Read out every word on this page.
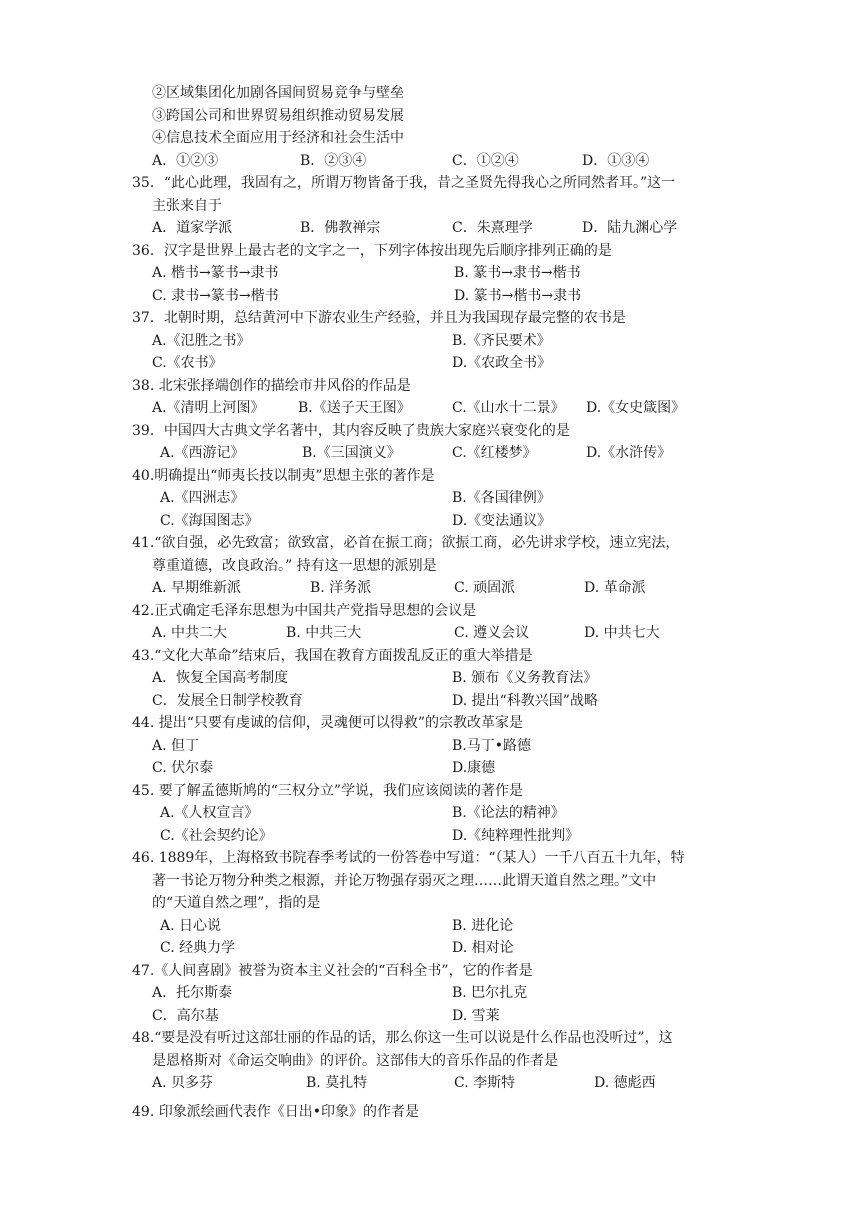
②区域集团化加剧各国间贸易竞争与壁垒
③跨国公司和世界贸易组织推动贸易发展
④信息技术全面应用于经济和社会生活中
A．①②③	B．②③④	C．①②④	D．①③④
35．“此心此理，我固有之，所谓万物皆备于我，昔之圣贤先得我心之所同然者耳。”这一
主张来自于
A．道家学派	B．佛教禅宗	C．朱熹理学	D．陆九渊心学
36．汉字是世界上最古老的文字之一，下列字体按出现先后顺序排列正确的是
A. 楷书→篆书→隶书	B. 篆书→隶书→楷书
C. 隶书→篆书→楷书	D. 篆书→楷书→隶书
37．北朝时期，总结黄河中下游农业生产经验，并且为我国现存最完整的农书是
A.《氾胜之书》	B.《齐民要术》
C.《农书》	D.《农政全书》
38. 北宋张择端创作的描绘市井风俗的作品是
A.《清明上河图》 B.《送子天王图》	C.《山水十二景》 D.《女史箴图》
39．中国四大古典文学名著中，其内容反映了贵族大家庭兴衰变化的是
A.《西游记》	B.《三国演义》	C.《红楼梦》	D.《水浒传》
40.明确提出“师夷长技以制夷”思想主张的著作是
A.《四洲志》	B.《各国律例》
C.《海国图志》	D.《变法通议》
41.“欲自强，必先致富；欲致富，必首在振工商；欲振工商，必先讲求学校，速立宪法，
尊重道德，改良政治。” 持有这一思想的派别是
A. 早期维新派	B. 洋务派	C. 顽固派	D. 革命派
42.正式确定毛泽东思想为中国共产党指导思想的会议是
A. 中共二大	B. 中共三大	C. 遵义会议	D. 中共七大
43.“文化大革命”结束后，我国在教育方面拨乱反正的重大举措是
A．恢复全国高考制度	B. 颁布《义务教育法》
C．发展全日制学校教育	D. 提出“科教兴国”战略
44. 提出“只要有虔诚的信仰，灵魂便可以得救”的宗教改革家是
A. 但丁	B.马丁•路德
C. 伏尔泰	D.康德
45. 要了解孟德斯鸠的“三权分立”学说，我们应该阅读的著作是
A.《人权宣言》	B.《论法的精神》
C.《社会契约论》	D.《纯粹理性批判》
46. 1889年，上海格致书院春季考试的一份答卷中写道：“（某人）一千八百五十九年，特
著一书论万物分种类之根源，并论万物强存弱灭之理……此谓天道自然之理。”文中
的“天道自然之理”，指的是
A. 日心说	B. 进化论
C. 经典力学	D. 相对论
47.《人间喜剧》被誉为资本主义社会的“百科全书”，它的作者是
A．托尔斯泰	B. 巴尔扎克
C．高尔基	D. 雪莱
48.“要是没有听过这部壮丽的作品的话，那么你这一生可以说是什么作品也没听过”，这
是恩格斯对《命运交响曲》的评价。这部伟大的音乐作品的作者是
A. 贝多芬	B. 莫扎特	C. 李斯特	D. 德彪西
49. 印象派绘画代表作《日出•印象》的作者是
